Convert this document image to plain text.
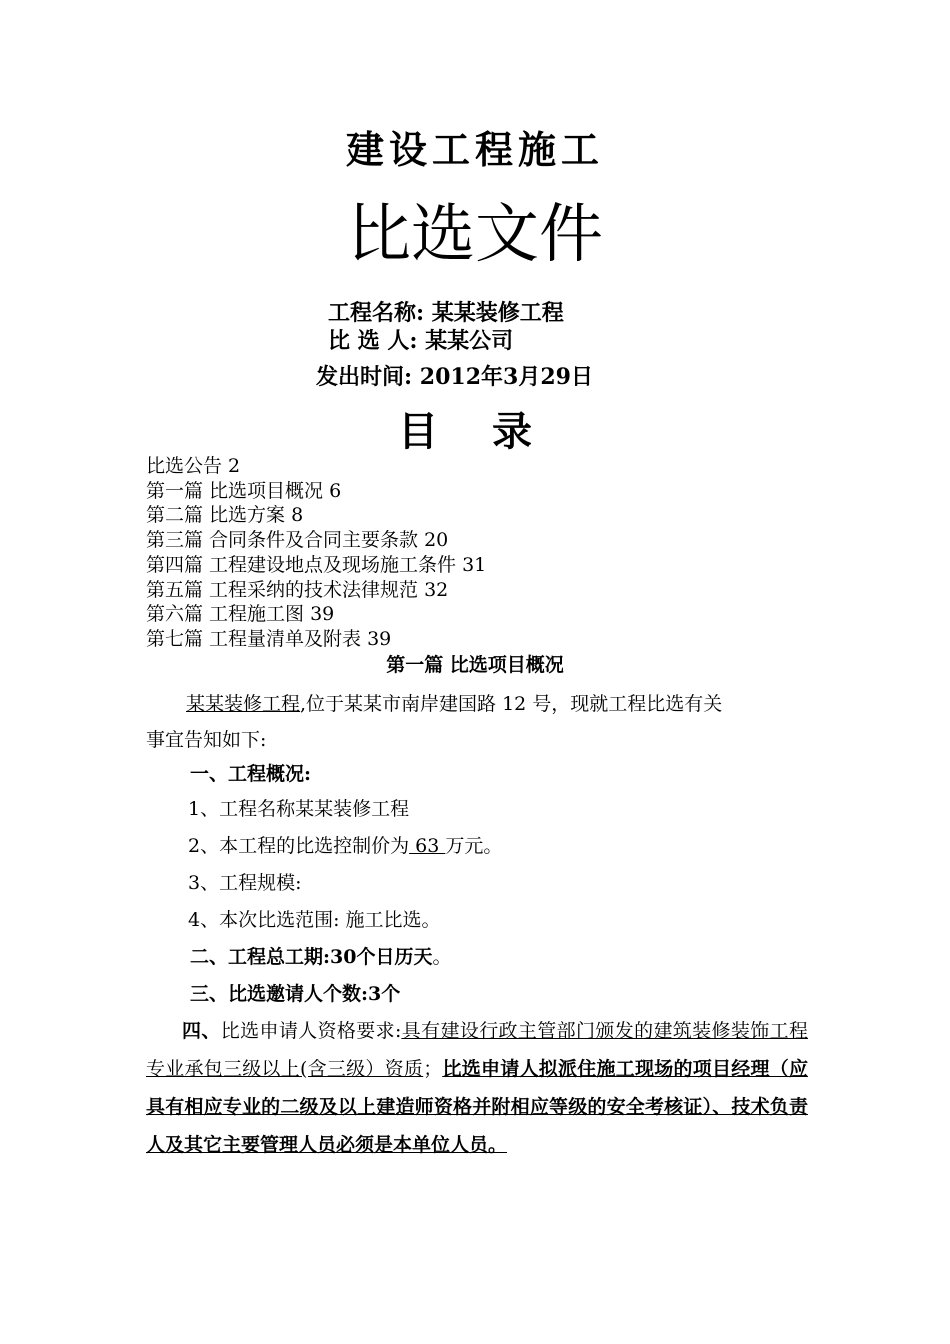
建设工程施工
比选文件
工程名称: 某某装修工程
比 选 人: 某某公司
发出时间: 2012年3月29日
目 录
比选公告 2
第一篇 比选项目概况 6
第二篇 比选方案 8
第三篇 合同条件及合同主要条款 20
第四篇 工程建设地点及现场施工条件 31
第五篇 工程采纳的技术法律规范 32
第六篇 工程施工图 39
第七篇 工程量清单及附表 39
第一篇 比选项目概况
某某装修工程,位于某某市南岸建国路 12 号，现就工程比选有关
事宜告知如下:
一、工程概况:
1、工程名称某某装修工程
2、本工程的比选控制价为 63 万元。
3、工程规模:
4、本次比选范围: 施工比选。
二、工程总工期:30个日历天。
三、比选邀请人个数:3个
四、比选申请人资格要求:具有建设行政主管部门颁发的建筑装修装饰工程专业承包三级以上(含三级）资质；比选申请人拟派住施工现场的项目经理（应具有相应专业的二级及以上建造师资格并附相应等级的安全考核证）、技术负责人及其它主要管理人员必须是本单位人员。
